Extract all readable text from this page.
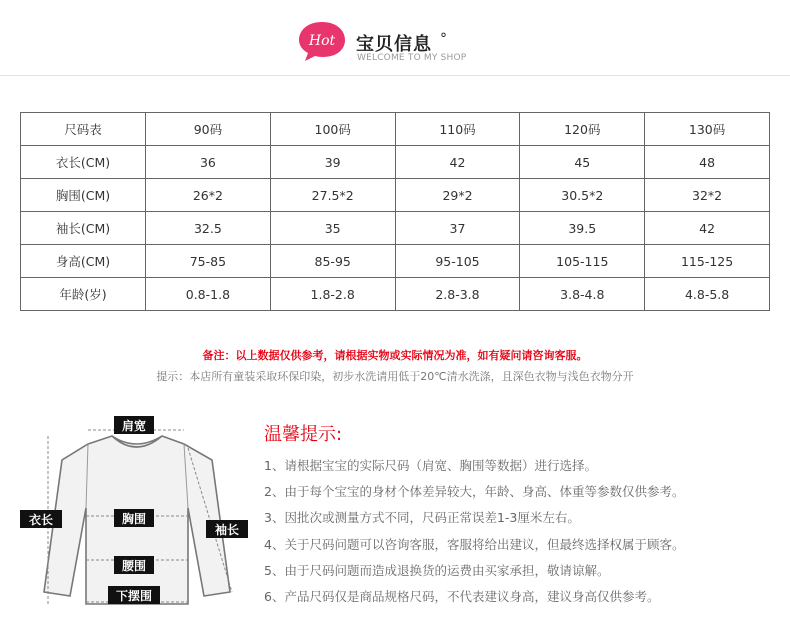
Hot 宝贝信息 °
WELCOME TO MY SHOP
尺码表	90码	100码	110码	120码	130码
衣长(CM)	36	39	42	45	48
胸围(CM)	26*2	27.5*2	29*2	30.5*2	32*2
袖长(CM)	32.5	35	37	39.5	42
身高(CM)	75-85	85-95	95-105	105-115	115-125
年龄(岁)	0.8-1.8	1.8-2.8	2.8-3.8	3.8-4.8	4.8-5.8
备注：以上数据仅供参考，请根据实物或实际情况为准，如有疑问请咨询客服。
提示：本店所有童装采取环保印染，初步水洗请用低于20℃清水洗涤，且深色衣物与浅色衣物分开
肩宽
衣长	胸围
袖长
腰围
下摆围
温馨提示:
1、请根据宝宝的实际尺码（肩宽、胸围等数据）进行选择。
2、由于每个宝宝的身材个体差异较大，年龄、身高、体重等参数仅供参考。
3、因批次或测量方式不同，尺码正常误差1-3厘米左右。
4、关于尺码问题可以咨询客服，客服将给出建议，但最终选择权属于顾客。
5、由于尺码问题而造成退换货的运费由买家承担，敬请谅解。
6、产品尺码仅是商品规格尺码，不代表建议身高，建议身高仅供参考。
